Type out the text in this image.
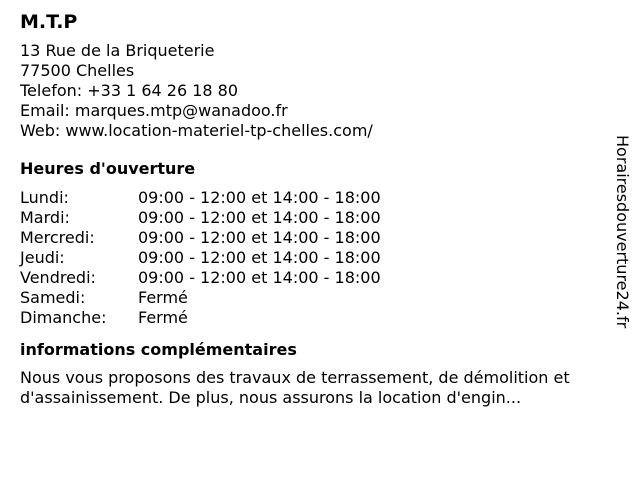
M.T.P
13 Rue de la Briqueterie
77500 Chelles
Telefon: +33 1 64 26 18 80
Email: marques.mtp@wanadoo.fr
Web: www.location-materiel-tp-chelles.com/
Heures d'ouverture
Lundi:	09:00 - 12:00 et 14:00 - 18:00
Mardi:	09:00 - 12:00 et 14:00 - 18:00
Mercredi:	09:00 - 12:00 et 14:00 - 18:00
Jeudi:	09:00 - 12:00 et 14:00 - 18:00
Vendredi:	09:00 - 12:00 et 14:00 - 18:00
Samedi:	Fermé
Dimanche:	Fermé
informations complémentaires
Nous vous proposons des travaux de terrassement, de démolition et d'assainissement. De plus, nous assurons la location d'engin...
Horairesdouverture24.fr
